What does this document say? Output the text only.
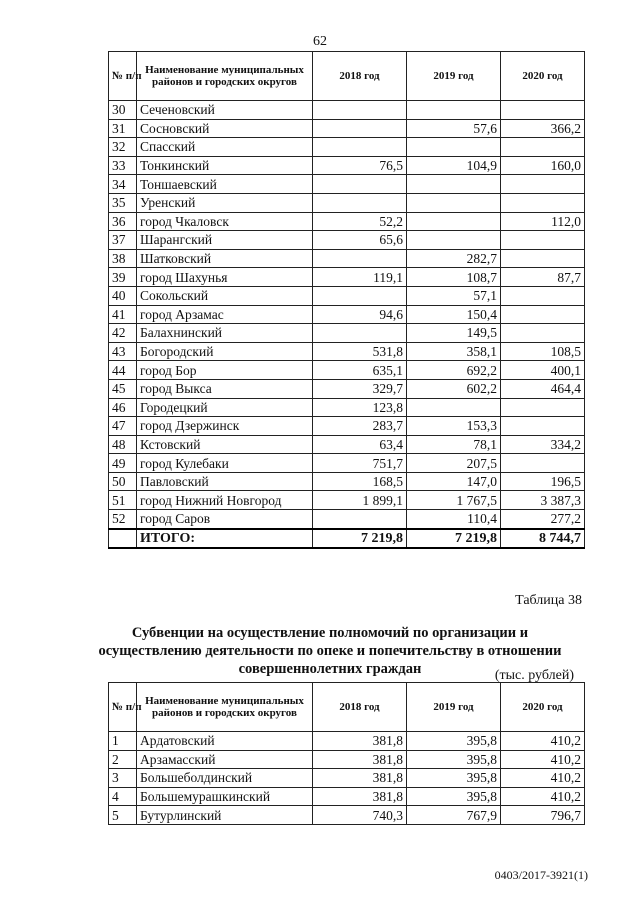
62
№ п/п	Наименование муниципальных районов и городских округов	2018 год	2019 год	2020 год
30	Сеченовский			
31	Сосновский		57,6	366,2
32	Спасский			
33	Тонкинский	76,5	104,9	160,0
34	Тоншаевский			
35	Уренский			
36	город Чкаловск	52,2		112,0
37	Шарангский	65,6		
38	Шатковский		282,7	
39	город Шахунья	119,1	108,7	87,7
40	Сокольский		57,1	
41	город Арзамас	94,6	150,4	
42	Балахнинский		149,5	
43	Богородский	531,8	358,1	108,5
44	город Бор	635,1	692,2	400,1
45	город Выкса	329,7	602,2	464,4
46	Городецкий	123,8		
47	город Дзержинск	283,7	153,3	
48	Кстовский	63,4	78,1	334,2
49	город Кулебаки	751,7	207,5	
50	Павловский	168,5	147,0	196,5
51	город Нижний Новгород	1 899,1	1 767,5	3 387,3
52	город Саров		110,4	277,2
	ИТОГО:	7 219,8	7 219,8	8 744,7
Таблица 38
Субвенции на осуществление полномочий по организации и
осуществлению деятельности по опеке и попечительству в отношении
совершеннолетних граждан	(тыс. рублей)
№ п/п	Наименование муниципальных районов и городских округов	2018 год	2019 год	2020 год
1	Ардатовский	381,8	395,8	410,2
2	Арзамасский	381,8	395,8	410,2
3	Большеболдинский	381,8	395,8	410,2
4	Большемурашкинский	381,8	395,8	410,2
5	Бутурлинский	740,3	767,9	796,7
0403/2017-3921(1)
